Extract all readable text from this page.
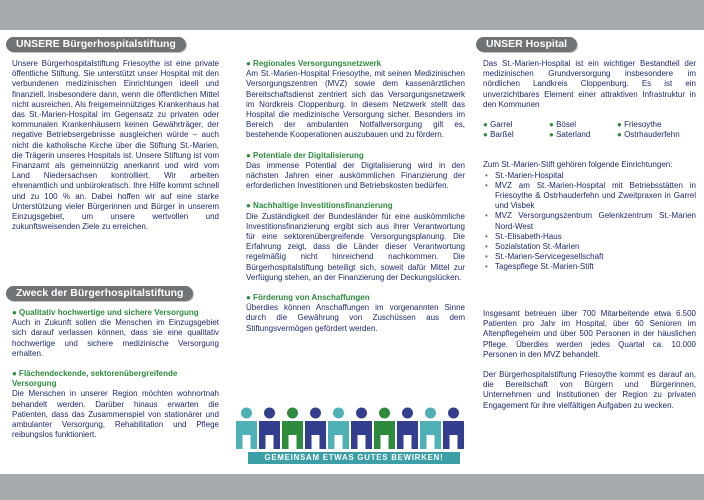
UNSERE Bürgerhospitalstiftung

Unsere Bürgerhospitalstiftung Friesoythe ist eine private öffentliche Stiftung. Sie unterstützt unser Hospital mit den verbundenen medizinischen Einrichtungen ideell und finanziell. Insbesondere dann, wenn die öffentlichen Mittel nicht ausreichen. Als freigemeinnütziges Krankenhaus hat das St.-Marien-Hospital im Gegensatz zu privaten oder kommunalen Krankenhäusern keinen Gewährträger, der negative Betriebsergebnisse ausgleichen würde – auch nicht die katholische Kirche über die Stiftung St.-Marien, die Trägerin unseres Hospitals ist. Unsere Stiftung ist vom Finanzamt als gemeinnützig anerkannt und wird vom Land Niedersachsen kontrolliert. Wir arbeiten ehrenamtlich und unbürokratisch. Ihre Hilfe kommt schnell und zu 100 % an. Dabei hoffen wir auf eine starke Unterstützung vieler Bürgerinnen und Bürger in unserem Einzugsgebiet, um unsere wertvollen und zukunftsweisenden Ziele zu erreichen.

Zweck der Bürgerhospitalstiftung

● Qualitativ hochwertige und sichere Versorgung

Auch in Zukunft sollen die Menschen im Einzugsgebiet sich darauf verlassen können, dass sie eine qualitativ hochwertige und sichere medizinische Versorgung erhalten.

● Flächendeckende, sektorenübergreifende Versorgung

Die Menschen in unserer Region möchten wohnortnah behandelt werden. Darüber hinaus erwarten die Patienten, dass das Zusammenspiel von stationärer und ambulanter Versorgung, Rehabilitation und Pflege reibungslos funktioniert.

● Regionales Versorgungsnetzwerk

Am St.-Marien-Hospital Friesoythe, mit seinen Medizinischen Versorgungszentren (MVZ) sowie dem kassenärztlichen Bereitschaftsdienst zentriert sich das Versorgungsnetzwerk im Nordkreis Cloppenburg. In diesem Netzwerk stellt das Hospital die medizinische Versorgung sicher. Besonders im Bereich der ambulanten Notfallversorgung gilt es, bestehende Kooperationen auszubauen und zu fördern.

● Potentiale der Digitalisierung

Das immense Potential der Digitalisierung wird in den nächsten Jahren einer auskömmlichen Finanzierung der erforderlichen Investitionen und Betriebskosten bedürfen.

● Nachhaltige Investitionsfinanzierung

Die Zuständigkeit der Bundesländer für eine auskömmliche Investitionsfinanzierung ergibt sich aus ihrer Verantwortung für eine sektorenübergreifende Versorgungsplanung. Die Erfahrung zeigt, dass die Länder dieser Verantwortung regelmäßig nicht hinreichend nachkommen. Die Bürgerhospitalstiftung beteiligt sich, soweit dafür Mittel zur Verfügung stehen, an der Finanzierung der Deckungslücken.

● Förderung von Anschaffungen

Überdies können Anschaffungen im vorgenannten Sinne durch die Gewährung von Zuschüssen aus dem Stiftungsvermögen gefördert werden.

GEMEINSAM ETWAS GUTES BEWIRKEN!
UNSER Hospital

Das St.-Marien-Hospital ist ein wichtiger Bestandteil der medizinischen Grundversorgung insbesondere im nördlichen Landkreis Cloppenburg. Es ist ein unverzichtbares Element einer attraktiven Infrastruktur in den Kommunen

● Garrel	● Bösel	● Friesoythe
● Barßel	● Saterland	● Ostrhauderfehn

Zum St.-Marien-Stift gehören folgende Einrichtungen:

• St.-Marien-Hospital
• MVZ am St.-Marien-Hospital mit Betriebsstätten in Friesoythe & Ostrhauderfehn und Zweitpraxen in Garrel und Visbek
• MVZ Versorgungszentrum Gelenkzentrum St.-Marien Nord-West
• St.-Elisabeth-Haus
• Sozialstation St.-Marien
• St.-Marien-Servicegesellschaft
• Tagespflege St.-Marien-Stift

Insgesamt betreuen über 700 Mitarbeitende etwa 6.500 Patienten pro Jahr im Hospital, über 60 Senioren im Altenpflegeheim und über 500 Personen in der häuslichen Pflege. Überdies werden jedes Quartal ca. 10.000 Personen in den MVZ behandelt.

Der Bürgerhospitalstiftung Friesoythe kommt es darauf an, die Bereitschaft von Bürgern und Bürgerinnen, Unternehmen und Institutionen der Region zu privaten Engagement für ihre vielfältigen Aufgaben zu wecken.
